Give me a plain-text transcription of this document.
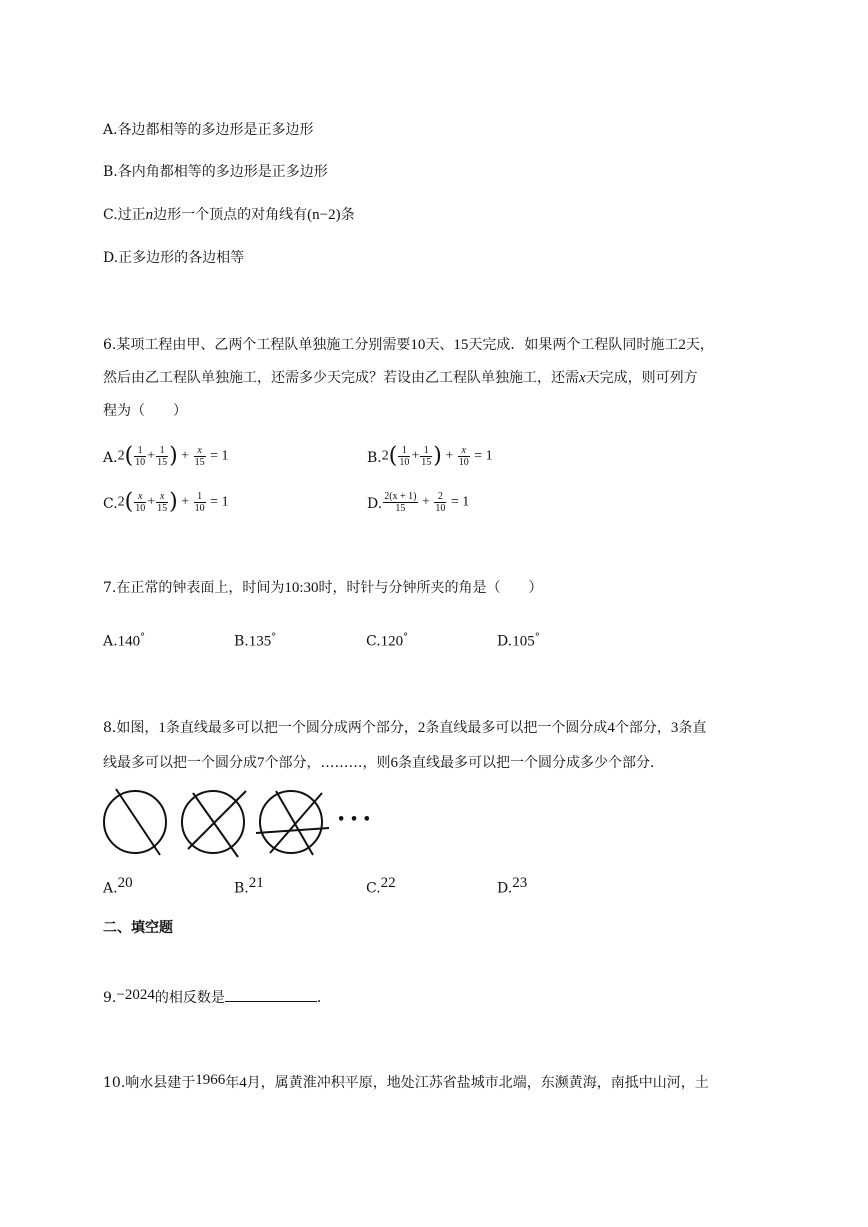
A.各边都相等的多边形是正多边形
B.各内角都相等的多边形是正多边形
C.过正n边形一个顶点的对角线有(n−2)条
D.正多边形的各边相等
6.某项工程由甲、乙两个工程队单独施工分别需要10天、15天完成．如果两个工程队同时施工2天，
然后由乙工程队单独施工，还需多少天完成？若设由乙工程队单独施工，还需x天完成，则可列方
程为（　　）
$A.2( \frac{1}{10} + \frac{1}{15}$ ) + $\frac{x}{15} = 1$	$B.2( \frac{1}{10} + \frac{1}{15}$ ) + $\frac{x}{10} = 1$
$C.2( \frac{x}{10} + \frac{x}{15}$ ) + $\frac{1}{10} = 1$	D. $\frac{2(x + 1)}{15} + \frac{2}{10} = 1$
7.在正常的钟表面上，时间为10:30时，时针与分钟所夹的角是（　　）
A.140°	B.135°	C.120°	D.105°
8.如图，1条直线最多可以把一个圆分成两个部分，2条直线最多可以把一个圆分成4个部分，3条直
线最多可以把一个圆分成7个部分，………，则6条直线最多可以把一个圆分成多少个部分．
• • •
A.$^{20}$	B.$^{21}$	C.$^{22}$	D.$^{23}$
二、填空题
9.−2024的相反数是	．
10.响水县建于1966年4月，属黄淮冲积平原，地处江苏省盐城市北端，东濒黄海，南抵中山河，土
